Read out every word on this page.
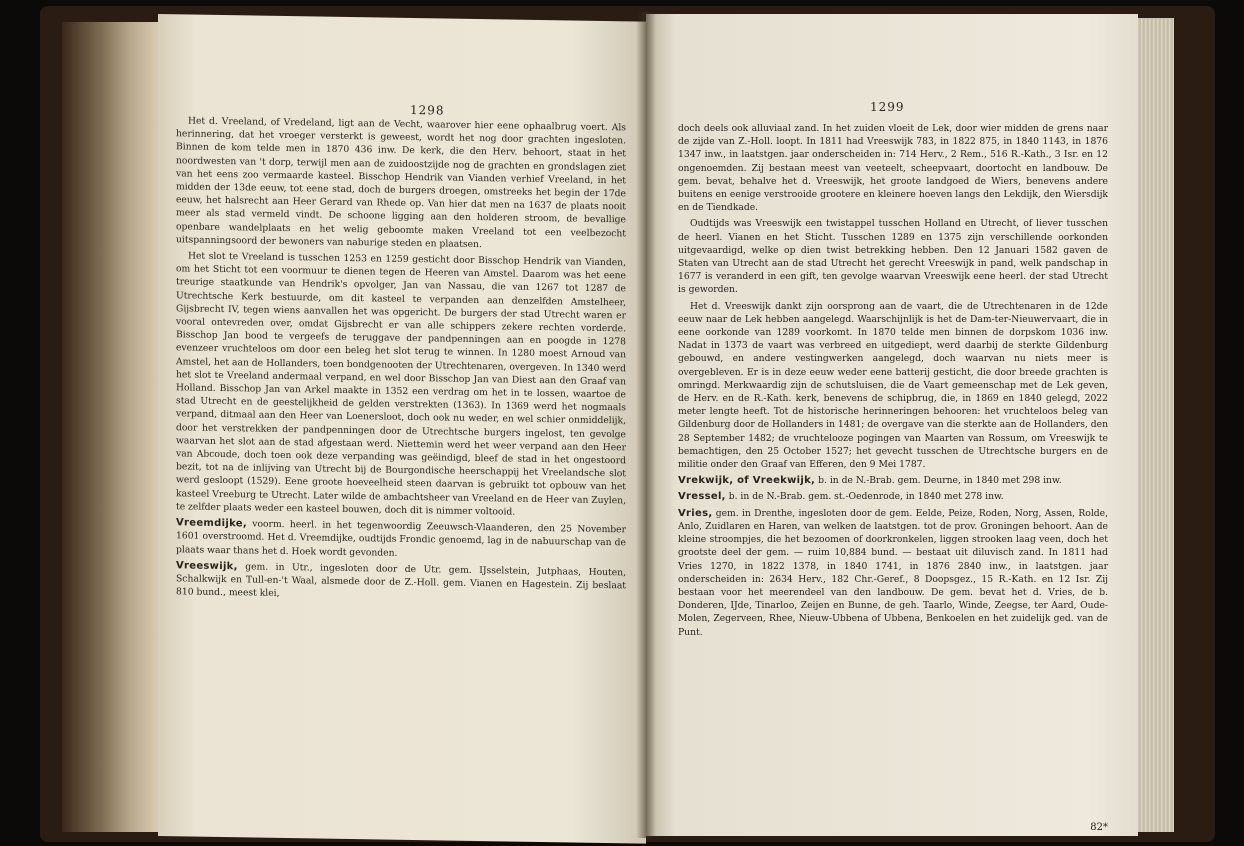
1298

Het d. Vreeland, of Vredeland, ligt aan de Vecht, waarover hier eene ophaalbrug voert. Als herinnering, dat het vroeger versterkt is geweest, wordt het nog door grachten ingesloten. Binnen de kom telde men in 1870 436 inw. De kerk, die den Herv. behoort, staat in het noordwesten van 't dorp, terwijl men aan de zuidoostzijde nog de grachten en grondslagen ziet van het eens zoo vermaarde kasteel. Bisschop Hendrik van Vianden verhief Vreeland, in het midden der 13de eeuw, tot eene stad, doch de burgers droegen, omstreeks het begin der 17de eeuw, het halsrecht aan Heer Gerard van Rhede op. Van hier dat men na 1637 de plaats nooit meer als stad vermeld vindt. De schoone ligging aan den holderen stroom, de bevallige openbare wandelplaats en het welig geboomte maken Vreeland tot een veelbezocht uitspanningsoord der bewoners van naburige steden en plaatsen.

Het slot te Vreeland is tusschen 1253 en 1259 gesticht door Bisschop Hendrik van Vianden, om het Sticht tot een voormuur te dienen tegen de Heeren van Amstel. Daarom was het eene treurige staatkunde van Hendrik's opvolger, Jan van Nassau, die van 1267 tot 1287 de Utrechtsche Kerk bestuurde, om dit kasteel te verpanden aan denzelfden Amstelheer, Gijsbrecht IV, tegen wiens aanvallen het was opgericht. De burgers der stad Utrecht waren er vooral ontevreden over, omdat Gijsbrecht er van alle schippers zekere rechten vorderde. Bisschop Jan bood te vergeefs de teruggave der pandpenningen aan en poogde in 1278 evenzeer vruchteloos om door een beleg het slot terug te winnen. In 1280 moest Arnoud van Amstel, het aan de Hollanders, toen bondgenooten der Utrechtenaren, overgeven. In 1340 werd het slot te Vreeland andermaal verpand, en wel door Bisschop Jan van Diest aan den Graaf van Holland. Bisschop Jan van Arkel maakte in 1352 een verdrag om het in te lossen, waartoe de stad Utrecht en de geestelijkheid de gelden verstrekten (1363). In 1369 werd het nogmaals verpand, ditmaal aan den Heer van Loenersloot, doch ook nu weder, en wel schier onmiddelijk, door het verstrekken der pandpenningen door de Utrechtsche burgers ingelost, ten gevolge waarvan het slot aan de stad afgestaan werd. Niettemin werd het weer verpand aan den Heer van Abcoude, doch toen ook deze verpanding was geëindigd, bleef de stad in het ongestoord bezit, tot na de inlijving van Utrecht bij de Bourgondische heerschappij het Vreelandsche slot werd gesloopt (1529). Eene groote hoeveelheid steen daarvan is gebruikt tot opbouw van het kasteel Vreeburg te Utrecht. Later wilde de ambachtsheer van Vreeland en de Heer van Zuylen, te zelfder plaats weder een kasteel bouwen, doch dit is nimmer voltooid.

Vreemdijke, voorm. heerl. in het tegenwoordig Zeeuwsch-Vlaanderen, den 25 November 1601 overstroomd. Het d. Vreemdijke, oudtijds Frondic genoemd, lag in de nabuurschap van de plaats waar thans het d. Hoek wordt gevonden.

Vreeswijk, gem. in Utr., ingesloten door de Utr. gem. IJsselstein, Jutphaas, Houten, Schalkwijk en Tull-en-'t Waal, alsmede door de Z.-Holl. gem. Vianen en Hagestein. Zij beslaat 810 bund., meest klei,

1299

doch deels ook alluviaal zand. In het zuiden vloeit de Lek, door wier midden de grens naar de zijde van Z.-Holl. loopt. In 1811 had Vreeswijk 783, in 1822 875, in 1840 1143, in 1876 1347 inw., in laatstgen. jaar onderscheiden in: 714 Herv., 2 Rem., 516 R.-Kath., 3 Isr. en 12 ongenoemden. Zij bestaan meest van veeteelt, scheepvaart, doortocht en landbouw. De gem. bevat, behalve het d. Vreeswijk, het groote landgoed de Wiers, benevens andere buitens en eenige verstrooide grootere en kleinere hoeven langs den Lekdijk, den Wiersdijk en de Tiendkade.

Oudtijds was Vreeswijk een twistappel tusschen Holland en Utrecht, of liever tusschen de heerl. Vianen en het Sticht. Tusschen 1289 en 1375 zijn verschillende oorkonden uitgevaardigd, welke op dien twist betrekking hebben. Den 12 Januari 1582 gaven de Staten van Utrecht aan de stad Utrecht het gerecht Vreeswijk in pand, welk pandschap in 1677 is veranderd in een gift, ten gevolge waarvan Vreeswijk eene heerl. der stad Utrecht is geworden.

Het d. Vreeswijk dankt zijn oorsprong aan de vaart, die de Utrechtenaren in de 12de eeuw naar de Lek hebben aangelegd. Waarschijnlijk is het de Dam-ter-Nieuwervaart, die in eene oorkonde van 1289 voorkomt. In 1870 telde men binnen de dorpskom 1036 inw. Nadat in 1373 de vaart was verbreed en uitgediept, werd daarbij de sterkte Gildenburg gebouwd, en andere vestingwerken aangelegd, doch waarvan nu niets meer is overgebleven. Er is in deze eeuw weder eene batterij gesticht, die door breede grachten is omringd. Merkwaardig zijn de schutsluisen, die de Vaart gemeenschap met de Lek geven, de Herv. en de R.-Kath. kerk, benevens de schipbrug, die, in 1869 en 1840 gelegd, 2022 meter lengte heeft. Tot de historische herinneringen behooren: het vruchteloos beleg van Gildenburg door de Hollanders in 1481; de overgave van die sterkte aan de Hollanders, den 28 September 1482; de vruchtelooze pogingen van Maarten van Rossum, om Vreeswijk te bemachtigen, den 25 October 1527; het gevecht tusschen de Utrechtsche burgers en de militie onder den Graaf van Efferen, den 9 Mei 1787.

Vrekwijk, of Vreekwijk, b. in de N.-Brab. gem. Deurne, in 1840 met 298 inw.

Vressel, b. in de N.-Brab. gem. st.-Oedenrode, in 1840 met 278 inw.

Vries, gem. in Drenthe, ingesloten door de gem. Eelde, Peize, Roden, Norg, Assen, Rolde, Anlo, Zuidlaren en Haren, van welken de laatstgen. tot de prov. Groningen behoort. Aan de kleine stroompjes, die het bezoomen of doorkronkelen, liggen strooken laag veen, doch het grootste deel der gem. — ruim 10,884 bund. — bestaat uit diluvisch zand. In 1811 had Vries 1270, in 1822 1378, in 1840 1741, in 1876 2840 inw., in laatstgen. jaar onderscheiden in: 2634 Herv., 182 Chr.-Geref., 8 Doopsgez., 15 R.-Kath. en 12 Isr. Zij bestaan voor het meerendeel van den landbouw. De gem. bevat het d. Vries, de b. Donderen, IJde, Tinarloo, Zeijen en Bunne, de geh. Taarlo, Winde, Zeegse, ter Aard, Oude-Molen, Zegerveen, Rhee, Nieuw-Ubbena of Ubbena, Benkoelen en het zuidelijk ged. van de Punt.

82*
